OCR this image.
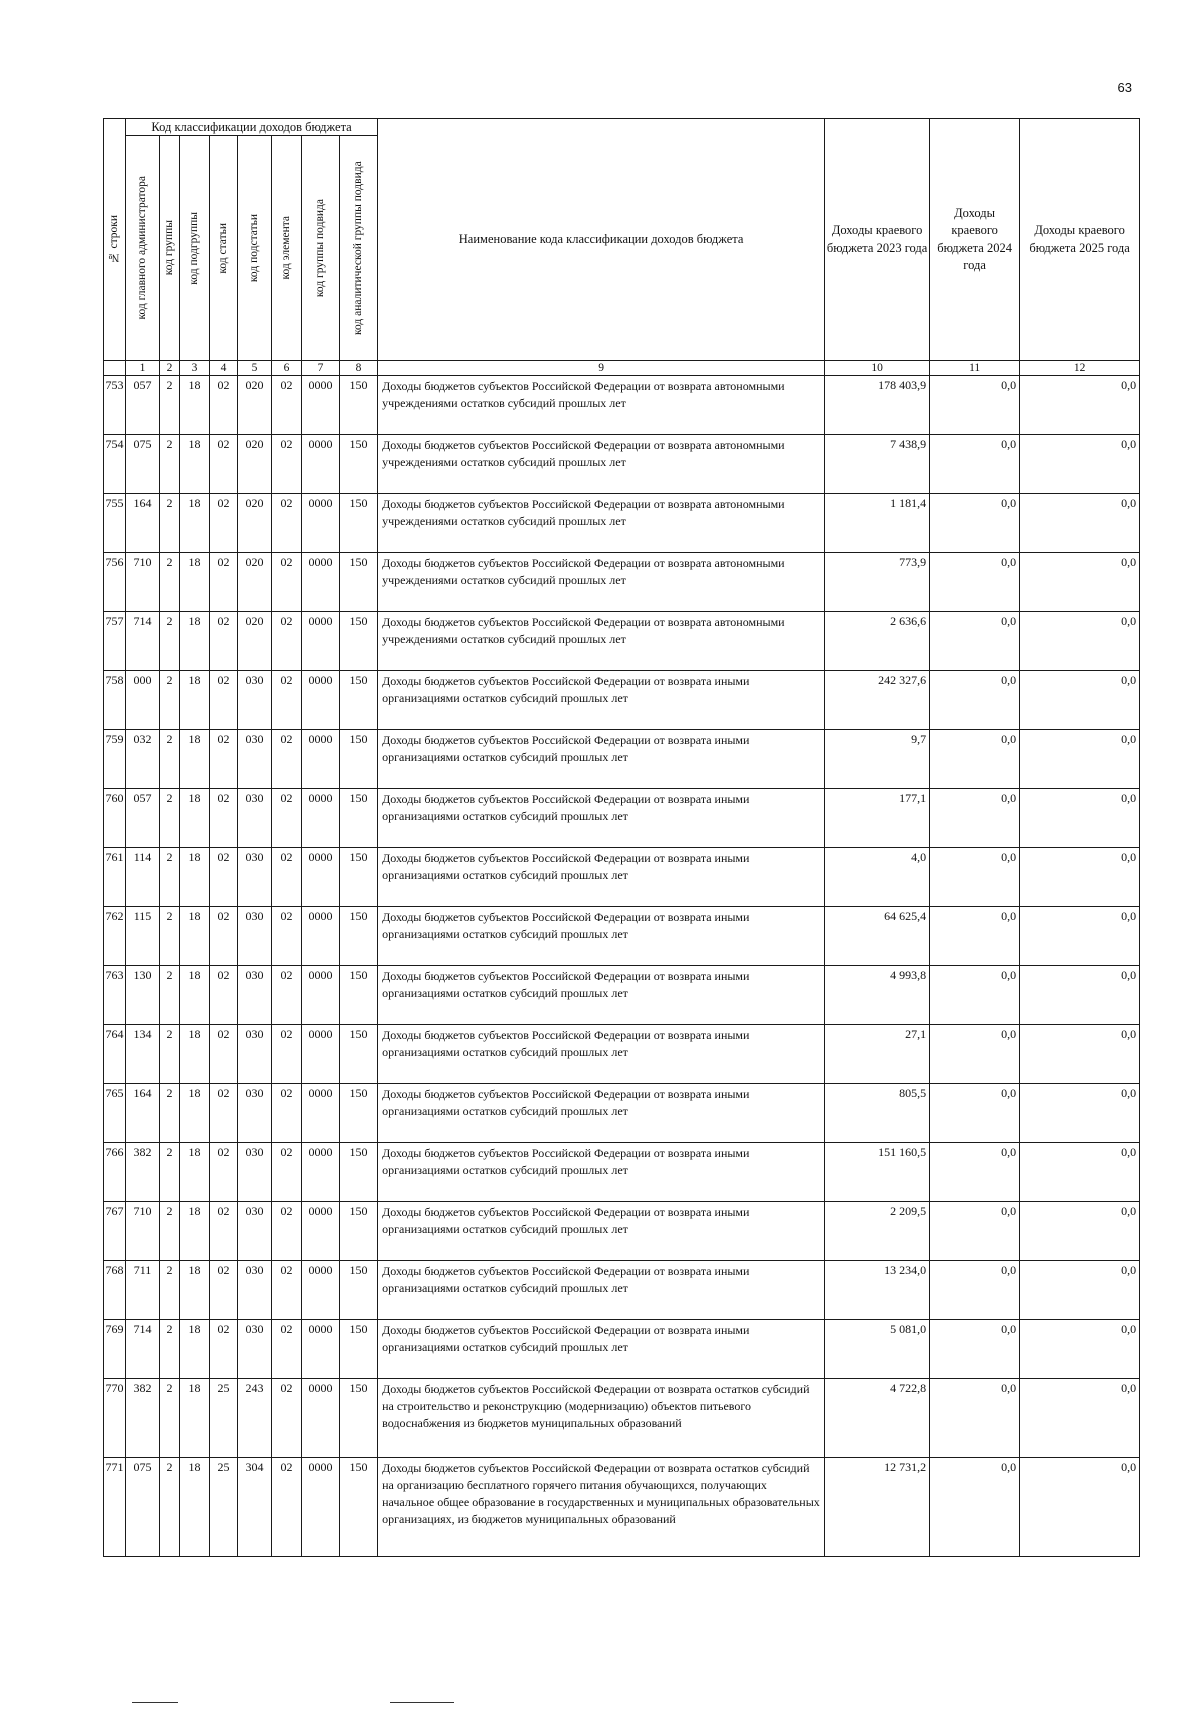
63
№ строки	Код классификации доходов бюджета								Наименование кода классификации доходов бюджета	Доходы краевого бюджета 2023 года	Доходы краевого бюджета 2024 года	Доходы краевого бюджета 2025 года

	код главного администратора	код группы	код подгруппы	код статьи	код подстатьи	код элемента	код группы подвида	код аналитической группы подвида				

	1	2	3	4	5	6	7	8	9	10	11	12
753	057	2	18	02	020	02	0000	150	Доходы бюджетов субъектов Российской Федерации от возврата автономными учреждениями остатков субсидий прошлых лет	178 403,9	0,0	0,0
754	075	2	18	02	020	02	0000	150	Доходы бюджетов субъектов Российской Федерации от возврата автономными учреждениями остатков субсидий прошлых лет	7 438,9	0,0	0,0
755	164	2	18	02	020	02	0000	150	Доходы бюджетов субъектов Российской Федерации от возврата автономными учреждениями остатков субсидий прошлых лет	1 181,4	0,0	0,0
756	710	2	18	02	020	02	0000	150	Доходы бюджетов субъектов Российской Федерации от возврата автономными учреждениями остатков субсидий прошлых лет	773,9	0,0	0,0
757	714	2	18	02	020	02	0000	150	Доходы бюджетов субъектов Российской Федерации от возврата автономными учреждениями остатков субсидий прошлых лет	2 636,6	0,0	0,0
758	000	2	18	02	030	02	0000	150	Доходы бюджетов субъектов Российской Федерации от возврата иными организациями остатков субсидий прошлых лет	242 327,6	0,0	0,0
759	032	2	18	02	030	02	0000	150	Доходы бюджетов субъектов Российской Федерации от возврата иными организациями остатков субсидий прошлых лет	9,7	0,0	0,0
760	057	2	18	02	030	02	0000	150	Доходы бюджетов субъектов Российской Федерации от возврата иными организациями остатков субсидий прошлых лет	177,1	0,0	0,0
761	114	2	18	02	030	02	0000	150	Доходы бюджетов субъектов Российской Федерации от возврата иными организациями остатков субсидий прошлых лет	4,0	0,0	0,0
762	115	2	18	02	030	02	0000	150	Доходы бюджетов субъектов Российской Федерации от возврата иными организациями остатков субсидий прошлых лет	64 625,4	0,0	0,0
763	130	2	18	02	030	02	0000	150	Доходы бюджетов субъектов Российской Федерации от возврата иными организациями остатков субсидий прошлых лет	4 993,8	0,0	0,0
764	134	2	18	02	030	02	0000	150	Доходы бюджетов субъектов Российской Федерации от возврата иными организациями остатков субсидий прошлых лет	27,1	0,0	0,0
765	164	2	18	02	030	02	0000	150	Доходы бюджетов субъектов Российской Федерации от возврата иными организациями остатков субсидий прошлых лет	805,5	0,0	0,0
766	382	2	18	02	030	02	0000	150	Доходы бюджетов субъектов Российской Федерации от возврата иными организациями остатков субсидий прошлых лет	151 160,5	0,0	0,0
767	710	2	18	02	030	02	0000	150	Доходы бюджетов субъектов Российской Федерации от возврата иными организациями остатков субсидий прошлых лет	2 209,5	0,0	0,0
768	711	2	18	02	030	02	0000	150	Доходы бюджетов субъектов Российской Федерации от возврата иными организациями остатков субсидий прошлых лет	13 234,0	0,0	0,0
769	714	2	18	02	030	02	0000	150	Доходы бюджетов субъектов Российской Федерации от возврата иными организациями остатков субсидий прошлых лет	5 081,0	0,0	0,0
770	382	2	18	25	243	02	0000	150	Доходы бюджетов субъектов Российской Федерации от возврата остатков субсидий на строительство и реконструкцию (модернизацию) объектов питьевого водоснабжения из бюджетов муниципальных образований	4 722,8	0,0	0,0
771	075	2	18	25	304	02	0000	150	Доходы бюджетов субъектов Российской Федерации от возврата остатков субсидий на организацию бесплатного горячего питания обучающихся, получающих начальное общее образование в государственных и муниципальных образовательных организациях, из бюджетов муниципальных образований	12 731,2	0,0	0,0
